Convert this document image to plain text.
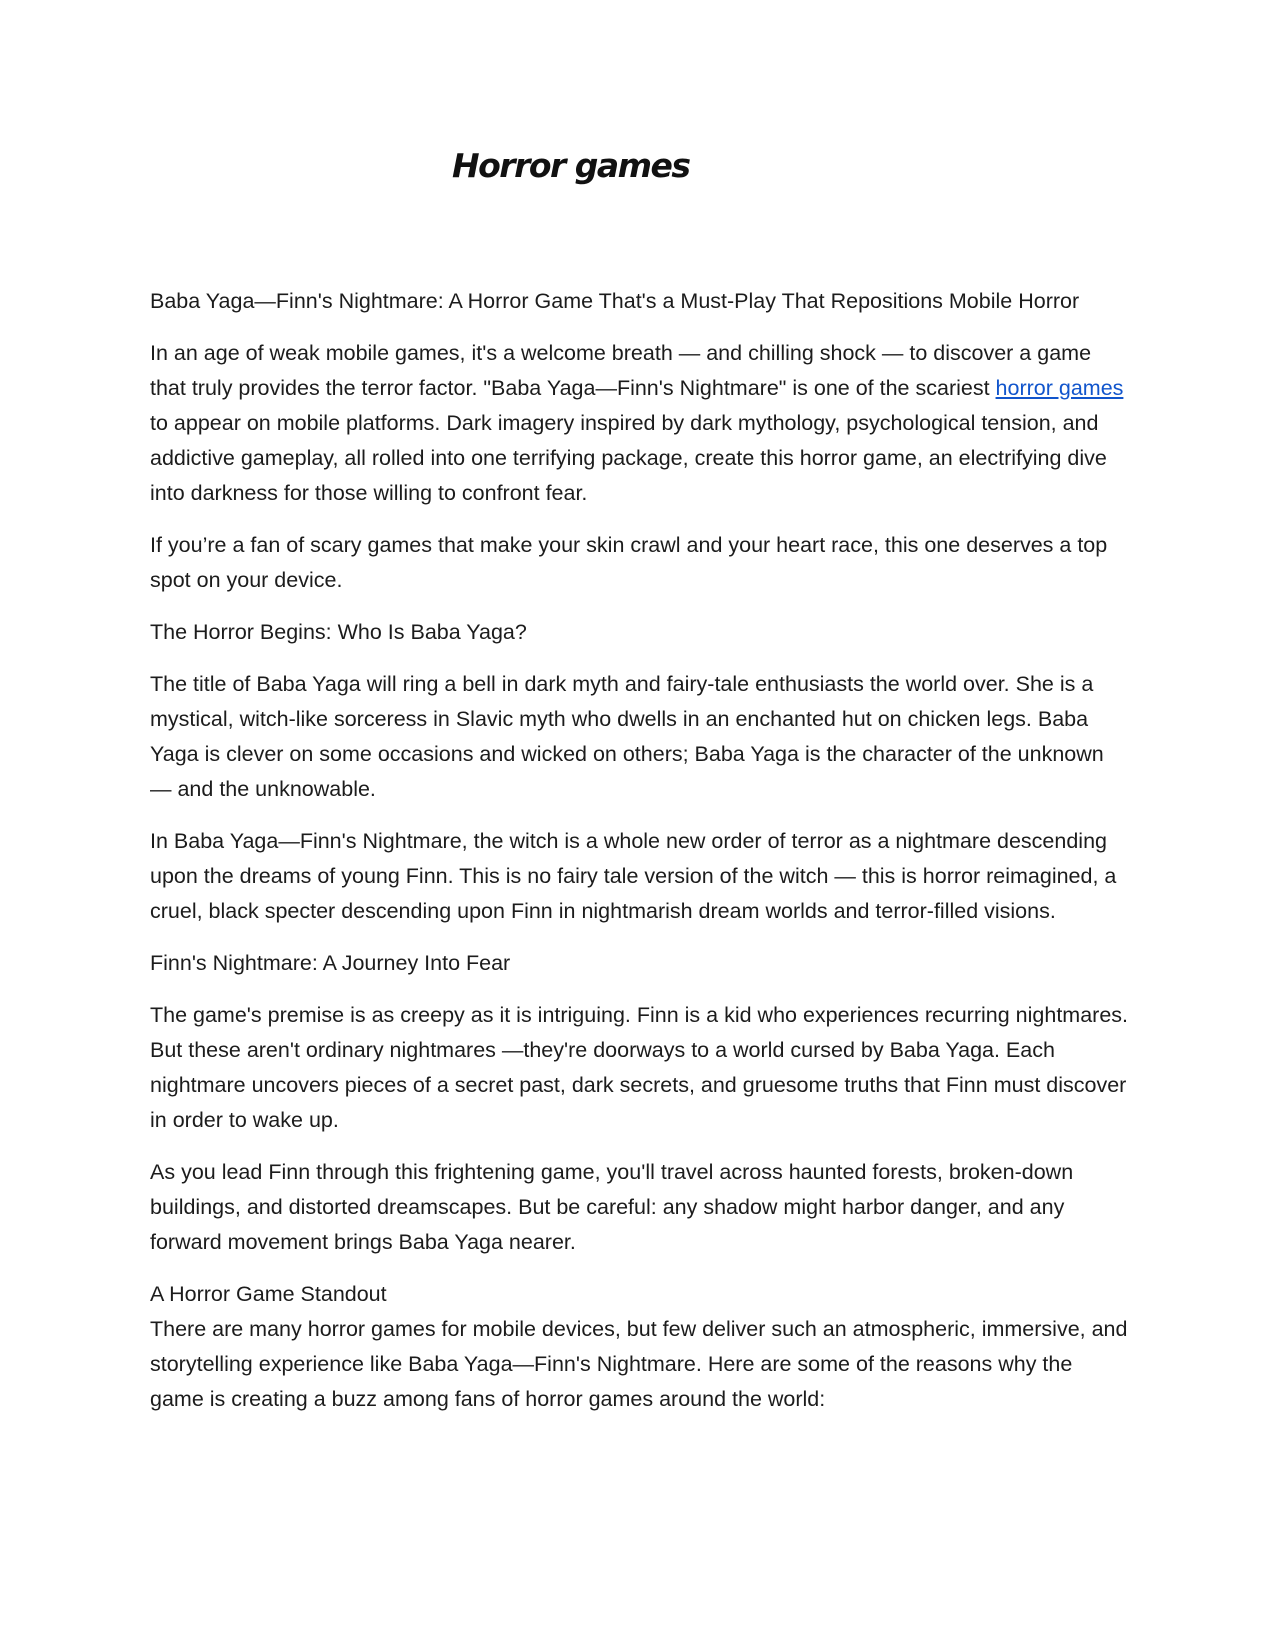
Horror games

Baba Yaga—Finn's Nightmare: A Horror Game That's a Must-Play That Repositions Mobile Horror

In an age of weak mobile games, it's a welcome breath — and chilling shock — to discover a game that truly provides the terror factor. "Baba Yaga—Finn's Nightmare" is one of the scariest horror games to appear on mobile platforms. Dark imagery inspired by dark mythology, psychological tension, and addictive gameplay, all rolled into one terrifying package, create this horror game, an electrifying dive into darkness for those willing to confront fear.

If you’re a fan of scary games that make your skin crawl and your heart race, this one deserves a top spot on your device.

The Horror Begins: Who Is Baba Yaga?

The title of Baba Yaga will ring a bell in dark myth and fairy-tale enthusiasts the world over. She is a mystical, witch-like sorceress in Slavic myth who dwells in an enchanted hut on chicken legs. Baba Yaga is clever on some occasions and wicked on others; Baba Yaga is the character of the unknown — and the unknowable.

In Baba Yaga—Finn's Nightmare, the witch is a whole new order of terror as a nightmare descending upon the dreams of young Finn. This is no fairy tale version of the witch — this is horror reimagined, a cruel, black specter descending upon Finn in nightmarish dream worlds and terror-filled visions.

Finn's Nightmare: A Journey Into Fear

The game's premise is as creepy as it is intriguing. Finn is a kid who experiences recurring nightmares. But these aren't ordinary nightmares —they're doorways to a world cursed by Baba Yaga. Each nightmare uncovers pieces of a secret past, dark secrets, and gruesome truths that Finn must discover in order to wake up.

As you lead Finn through this frightening game, you'll travel across haunted forests, broken-down buildings, and distorted dreamscapes. But be careful: any shadow might harbor danger, and any forward movement brings Baba Yaga nearer.

A Horror Game Standout

There are many horror games for mobile devices, but few deliver such an atmospheric, immersive, and storytelling experience like Baba Yaga—Finn's Nightmare. Here are some of the reasons why the game is creating a buzz among fans of horror games around the world:
